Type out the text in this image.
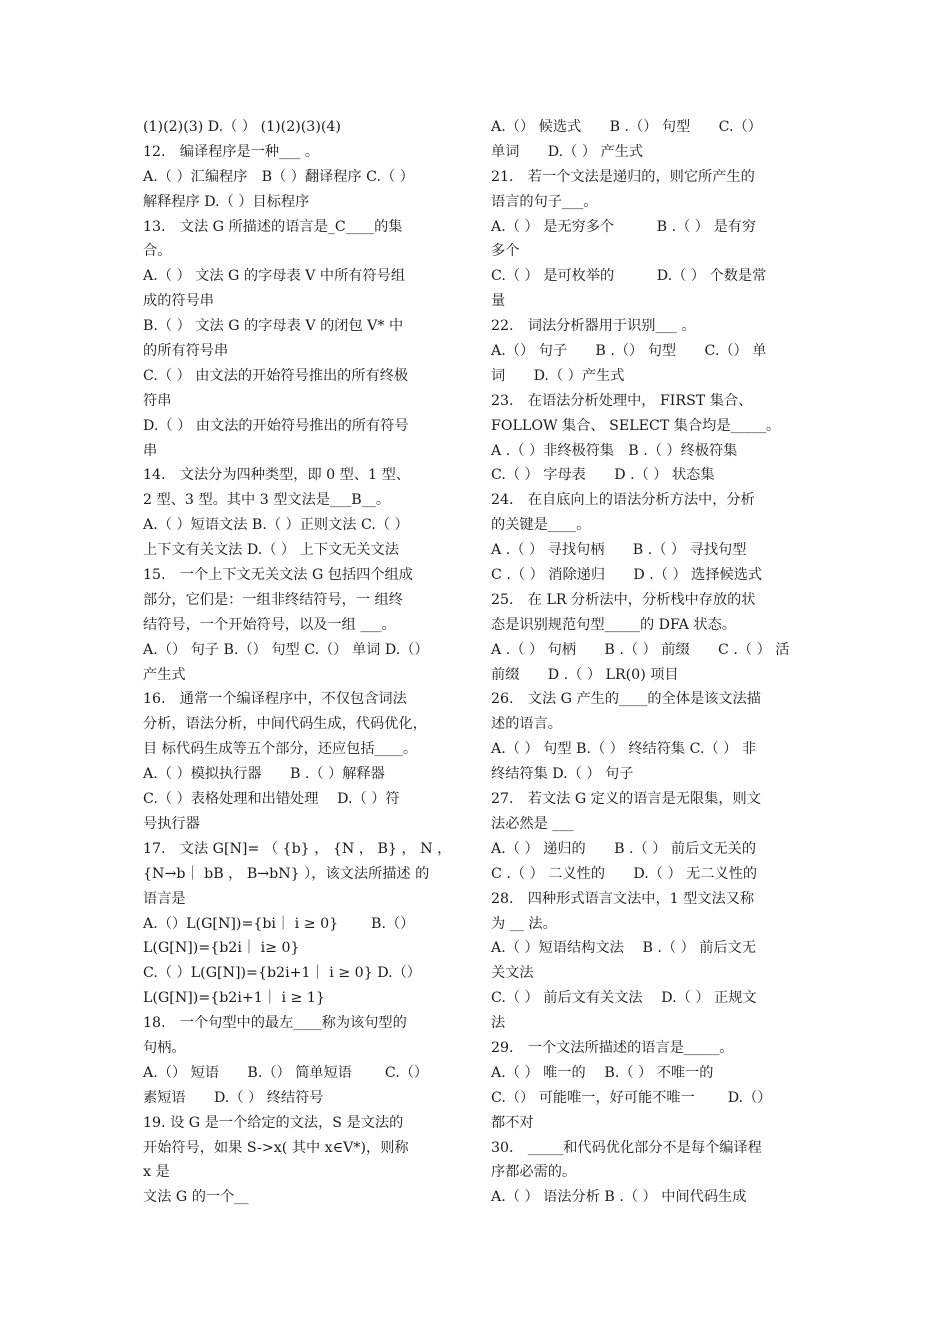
(1)(2)(3) D.（ ） (1)(2)(3)(4)
12.　编译程序是一种___ 。
A.（ ）汇编程序　B（ ）翻译程序 C.（ ）
解释程序 D.（ ）目标程序
13.　文法 G 所描述的语言是_C____的集
合。
A.（ ） 文法 G 的字母表 V 中所有符号组
成的符号串
B.（ ） 文法 G 的字母表 V 的闭包 V* 中
的所有符号串
C.（ ） 由文法的开始符号推出的所有终极
符串
D.（ ） 由文法的开始符号推出的所有符号
串
14.　文法分为四种类型，即 0 型、1 型、
2 型、3 型。其中 3 型文法是___B__。
A.（ ）短语文法 B.（ ）正则文法 C.（ ）
上下文有关文法 D.（ ） 上下文无关文法
15.　一个上下文无关文法 G 包括四个组成
部分，它们是：一组非终结符号，一 组终
结符号，一个开始符号，以及一组 ___。
A.（） 句子 B.（） 句型 C.（） 单词 D.（）
产生式
16.　通常一个编译程序中，不仅包含词法
分析，语法分析，中间代码生成，代码优化，
目 标代码生成等五个部分，还应包括____。
A.（ ）模拟执行器　　B .（ ）解释器
C.（ ）表格处理和出错处理　 D.（ ）符
号执行器
17.　文法 G[N]= （ {b} ， {N ， B} ， N ，
{N→b｜ bB ， B→bN} ），该文法所描述 的
语言是
A.（）L(G[N])={bi｜ i ≥ 0}　　 B.（）
L(G[N])={b2i｜ i≥ 0}
C.（ ）L(G[N])={b2i+1｜ i ≥ 0} D.（）
L(G[N])={b2i+1｜ i ≥ 1}
18.　一个句型中的最左____称为该句型的
句柄。
A.（） 短语　　B.（） 简单短语　　 C.（）
素短语　　D.（ ） 终结符号
19. 设 G 是一个给定的文法，S 是文法的
开始符号，如果 S->x( 其中 x∈V*)，则称
x 是
文法 G 的一个__
A.（） 候选式　　B .（） 句型　　C.（）
单词　　D.（ ） 产生式
21.　若一个文法是递归的，则它所产生的
语言的句子___。
A.（ ） 是无穷多个　　　B .（ ） 是有穷
多个
C.（ ） 是可枚举的　　　D.（ ） 个数是常
量
22.　词法分析器用于识别___ 。
A.（） 句子　　B .（） 句型　　C.（） 单
词　　D.（ ）产生式
23.　在语法分析处理中， FIRST 集合、
FOLLOW 集合、 SELECT 集合均是_____。
A .（ ）非终极符集　B .（ ）终极符集
C.（ ） 字母表　　D .（ ） 状态集
24.　在自底向上的语法分析方法中，分析
的关键是____。
A .（ ） 寻找句柄　　B .（ ） 寻找句型
C .（ ） 消除递归　　D .（ ） 选择候选式
25.　在 LR 分析法中，分析栈中存放的状
态是识别规范句型_____的 DFA 状态。
A .（ ） 句柄　　B .（ ） 前缀　　C .（ ） 活
前缀　　D .（ ） LR(0) 项目
26.　文法 G 产生的____的全体是该文法描
述的语言。
A.（ ） 句型 B.（ ） 终结符集 C.（ ） 非
终结符集 D.（ ） 句子
27.　若文法 G 定义的语言是无限集，则文
法必然是 ___
A.（ ） 递归的　　B .（ ） 前后文无关的
C .（ ） 二义性的　　D.（ ） 无二义性的
28.　四种形式语言文法中，1 型文法又称
为 __ 法。
A.（ ）短语结构文法　 B .（ ） 前后文无
关文法
C.（ ） 前后文有关文法　 D.（ ） 正规文
法
29.　一个文法所描述的语言是_____。
A.（ ） 唯一的　 B.（ ） 不唯一的
C.（） 可能唯一，好可能不唯一　　 D.（）
都不对
30.　_____和代码优化部分不是每个编译程
序都必需的。
A.（ ） 语法分析 B .（ ） 中间代码生成
